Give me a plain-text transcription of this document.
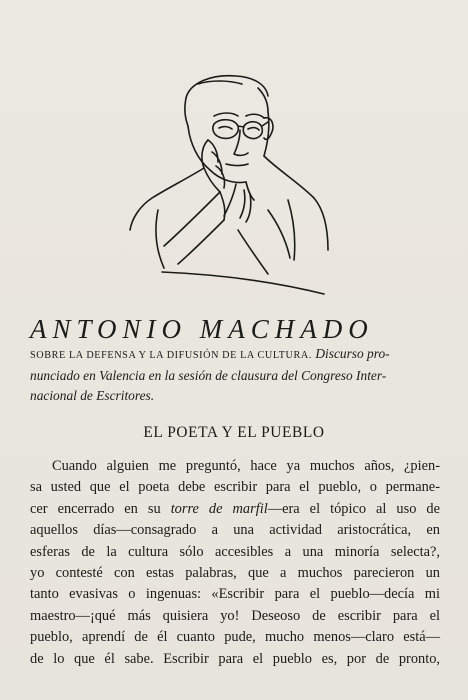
ANTONIO MACHADO
SOBRE LA DEFENSA Y LA DIFUSIÓN DE LA CULTURA. Discurso pro-
nunciado en Valencia en la sesión de clausura del Congreso Inter-
nacional de Escritores.
EL POETA Y EL PUEBLO
Cuando alguien me preguntó, hace ya muchos años, ¿pien-
sa usted que el poeta debe escribir para el pueblo, o permane-
cer encerrado en su torre de marfil—era el tópico al uso de
aquellos días—consagrado a una actividad aristocrática, en
esferas de la cultura sólo accesibles a una minoría selecta?,
yo contesté con estas palabras, que a muchos parecieron un
tanto evasivas o ingenuas: «Escribir para el pueblo—decía mi
maestro—¡qué más quisiera yo! Deseoso de escribir para el
pueblo, aprendí de él cuanto pude, mucho menos—claro está—
de lo que él sabe. Escribir para el pueblo es, por de pronto,
